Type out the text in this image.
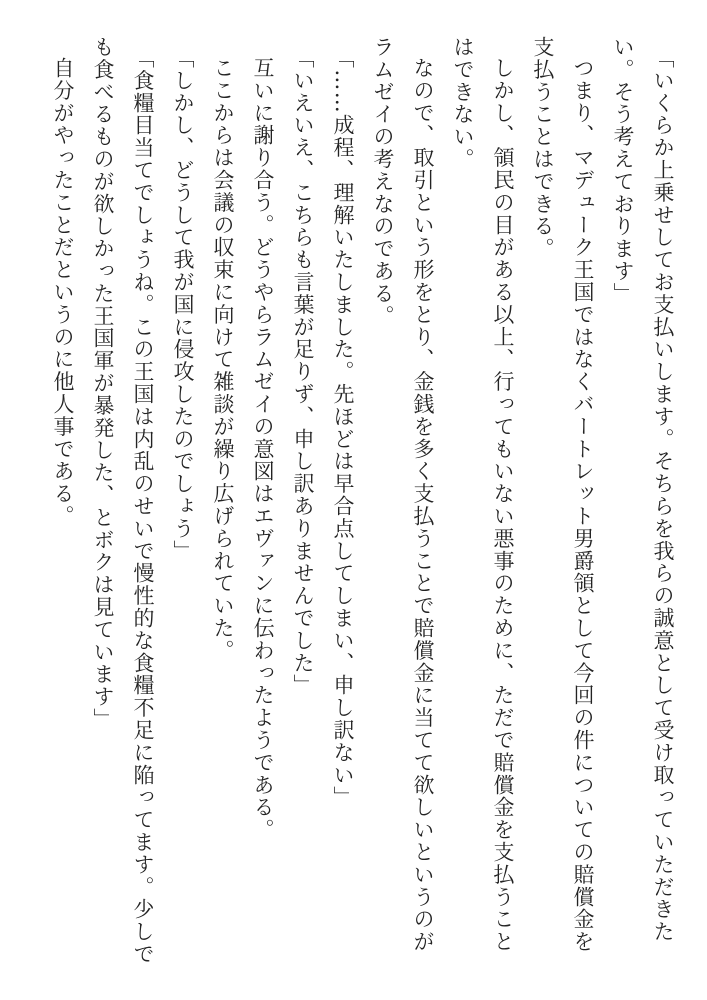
「いくらか上乗せしてお支払いします。そちらを我らの誠意として受け取っていただきたい。そう考えております」

つまり、マデューク王国ではなくバートレット男爵領として今回の件についての賠償金を支払うことはできる。

しかし、領民の目がある以上、行ってもいない悪事のために、ただで賠償金を支払うことはできない。

なので、取引という形をとり、金銭を多く支払うことで賠償金に当てて欲しいというのがラムゼイの考えなのである。

「……成程、理解いたしました。先ほどは早合点してしまい、申し訳ない」

「いえいえ、こちらも言葉が足りず、申し訳ありませんでした」

互いに謝り合う。どうやらラムゼイの意図はエヴァンに伝わったようである。

ここからは会議の収束に向けて雑談が繰り広げられていた。

「しかし、どうして我が国に侵攻したのでしょう」

「食糧目当てでしょうね。この王国は内乱のせいで慢性的な食糧不足に陥ってます。少しでも食べるものが欲しかった王国軍が暴発した、とボクは見ています」

自分がやったことだというのに他人事である。
